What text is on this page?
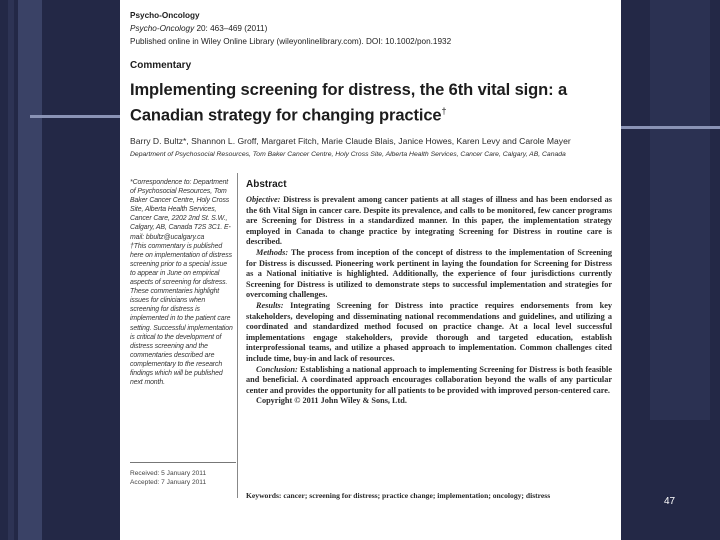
Psycho-Oncology
Psycho-Oncology 20: 463–469 (2011)
Published online in Wiley Online Library (wileyonlinelibrary.com). DOI: 10.1002/pon.1932
Commentary
Implementing screening for distress, the 6th vital sign: a Canadian strategy for changing practice†
Barry D. Bultz*, Shannon L. Groff, Margaret Fitch, Marie Claude Blais, Janice Howes, Karen Levy and Carole Mayer
Department of Psychosocial Resources, Tom Baker Cancer Centre, Holy Cross Site, Alberta Health Services, Cancer Care, Calgary, AB, Canada
*Correspondence to: Department of Psychosocial Resources, Tom Baker Cancer Centre, Holy Cross Site, Alberta Health Services, Cancer Care, 2202 2nd St. S.W., Calgary, AB, Canada T2S 3C1. E-mail: bbultz@ucalgary.ca
†This commentary is published here on implementation of distress screening prior to a special issue to appear in June on empirical aspects of screening for distress. These commentaries highlight issues for clinicians when screening for distress is implemented in to the patient care setting. Successful implementation is critical to the development of distress screening and the commentaries described are complementary to the research findings which will be published next month.
Received: 5 January 2011
Accepted: 7 January 2011
Abstract

Objective: Distress is prevalent among cancer patients at all stages of illness and has been endorsed as the 6th Vital Sign in cancer care. Despite its prevalence, and calls to be monitored, few cancer programs are Screening for Distress in a standardized manner. In this paper, the implementation strategy employed in Canada to change practice by integrating Screening for Distress in routine care is described.

Methods: The process from inception of the concept of distress to the implementation of Screening for Distress is discussed. Pioneering work pertinent in laying the foundation for Screening for Distress as a National initiative is highlighted. Additionally, the experience of four jurisdictions currently Screening for Distress is utilized to demonstrate steps to successful implementation and strategies for overcoming challenges.

Results: Integrating Screening for Distress into practice requires endorsements from key stakeholders, developing and disseminating national recommendations and guidelines, and utilizing a coordinated and standardized method focused on practice change. At a local level successful implementations engage stakeholders, provide thorough and targeted education, establish interprofessional teams, and utilize a phased approach to implementation. Common challenges cited include time, buy-in and lack of resources.

Conclusion: Establishing a national approach to implementing Screening for Distress is both feasible and beneficial. A coordinated approach encourages collaboration beyond the walls of any particular center and provides the opportunity for all patients to be provided with improved person-centered care.

Copyright © 2011 John Wiley & Sons, Ltd.

Keywords: cancer; screening for distress; practice change; implementation; oncology; distress
47
